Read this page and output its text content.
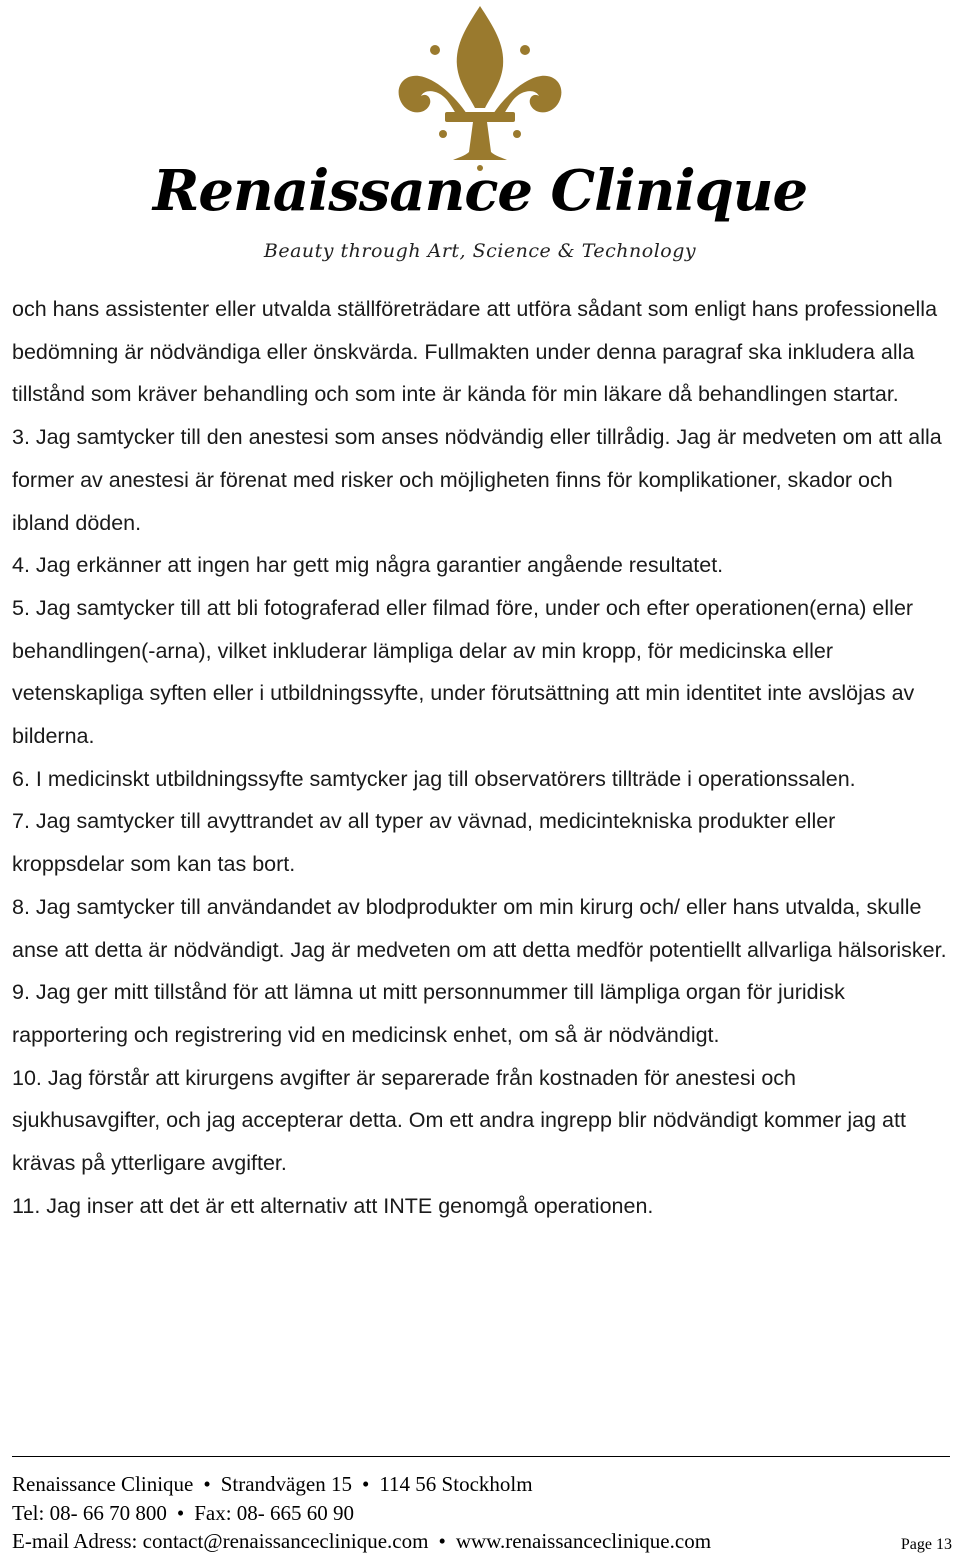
Renaissance Clinique
Beauty through Art, Science & Technology

och hans assistenter eller utvalda ställföreträdare att utföra sådant som enligt hans professionella bedömning är nödvändiga eller önskvärda. Fullmakten under denna paragraf ska inkludera alla tillstånd som kräver behandling och som inte är kända för min läkare då behandlingen startar.

3. Jag samtycker till den anestesi som anses nödvändig eller tillrådig. Jag är medveten om att alla former av anestesi är förenat med risker och möjligheten finns för komplikationer, skador och ibland döden.

4. Jag erkänner att ingen har gett mig några garantier angående resultatet.

5. Jag samtycker till att bli fotograferad eller filmad före, under och efter operationen(erna) eller behandlingen(-arna), vilket inkluderar lämpliga delar av min kropp, för medicinska eller vetenskapliga syften eller i utbildningssyfte, under förutsättning att min identitet inte avslöjas av bilderna.

6. I medicinskt utbildningssyfte samtycker jag till observatörers tillträde i operationssalen.

7. Jag samtycker till avyttrandet av all typer av vävnad, medicintekniska produkter eller kroppsdelar som kan tas bort.

8. Jag samtycker till användandet av blodprodukter om min kirurg och/ eller hans utvalda, skulle anse att detta är nödvändigt. Jag är medveten om att detta medför potentiellt allvarliga hälsorisker.

9. Jag ger mitt tillstånd för att lämna ut mitt personnummer till lämpliga organ för juridisk rapportering och registrering vid en medicinsk enhet, om så är nödvändigt.

10. Jag förstår att kirurgens avgifter är separerade från kostnaden för anestesi och sjukhusavgifter, och jag accepterar detta. Om ett andra ingrepp blir nödvändigt kommer jag att krävas på ytterligare avgifter.

11. Jag inser att det är ett alternativ att INTE genomgå operationen.

Renaissance Clinique • Strandvägen 15 • 114 56 Stockholm
Tel: 08- 66 70 800 • Fax: 08- 665 60 90
E-mail Adress: contact@renaissanceclinique.com • www.renaissanceclinique.com	Page 13
